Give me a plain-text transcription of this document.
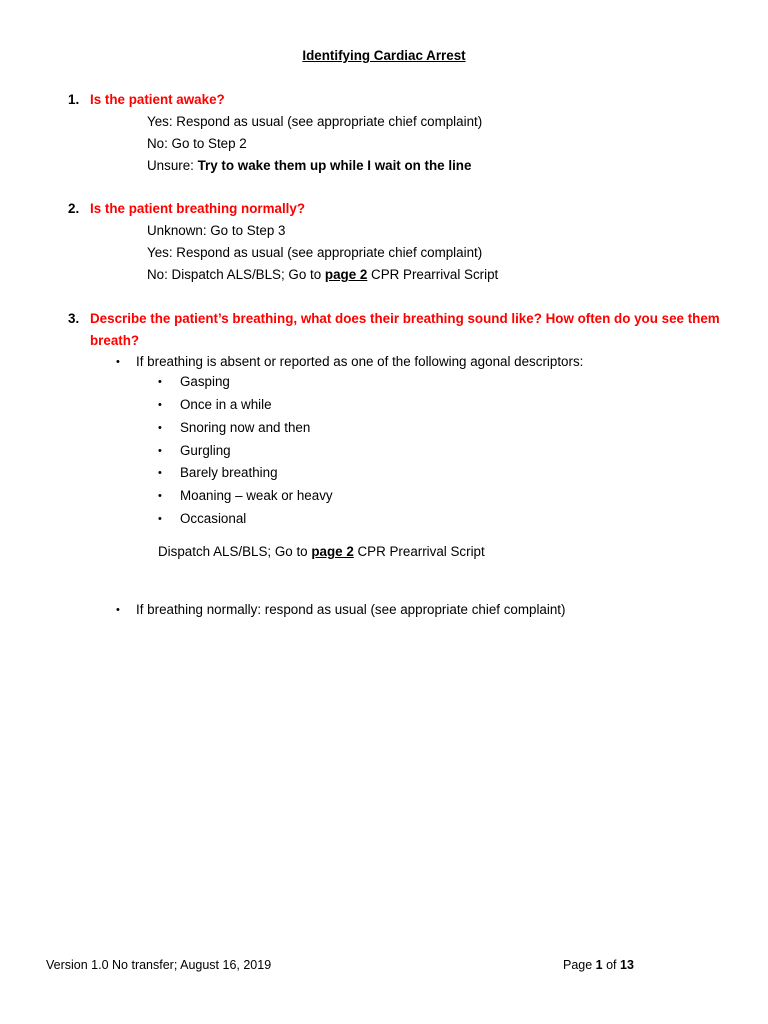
Identifying Cardiac Arrest
1. Is the patient awake?
Yes: Respond as usual (see appropriate chief complaint)
No: Go to Step 2
Unsure: Try to wake them up while I wait on the line
2. Is the patient breathing normally?
Unknown: Go to Step 3
Yes: Respond as usual (see appropriate chief complaint)
No: Dispatch ALS/BLS; Go to page 2 CPR Prearrival Script
3. Describe the patient’s breathing, what does their breathing sound like? How often do you see them
breath?
• If breathing is absent or reported as one of the following agonal descriptors:
• Gasping
• Once in a while
• Snoring now and then
• Gurgling
• Barely breathing
• Moaning – weak or heavy
• Occasional
Dispatch ALS/BLS; Go to page 2 CPR Prearrival Script
• If breathing normally: respond as usual (see appropriate chief complaint)
Version 1.0 No transfer; August 16, 2019	Page 1 of 13
